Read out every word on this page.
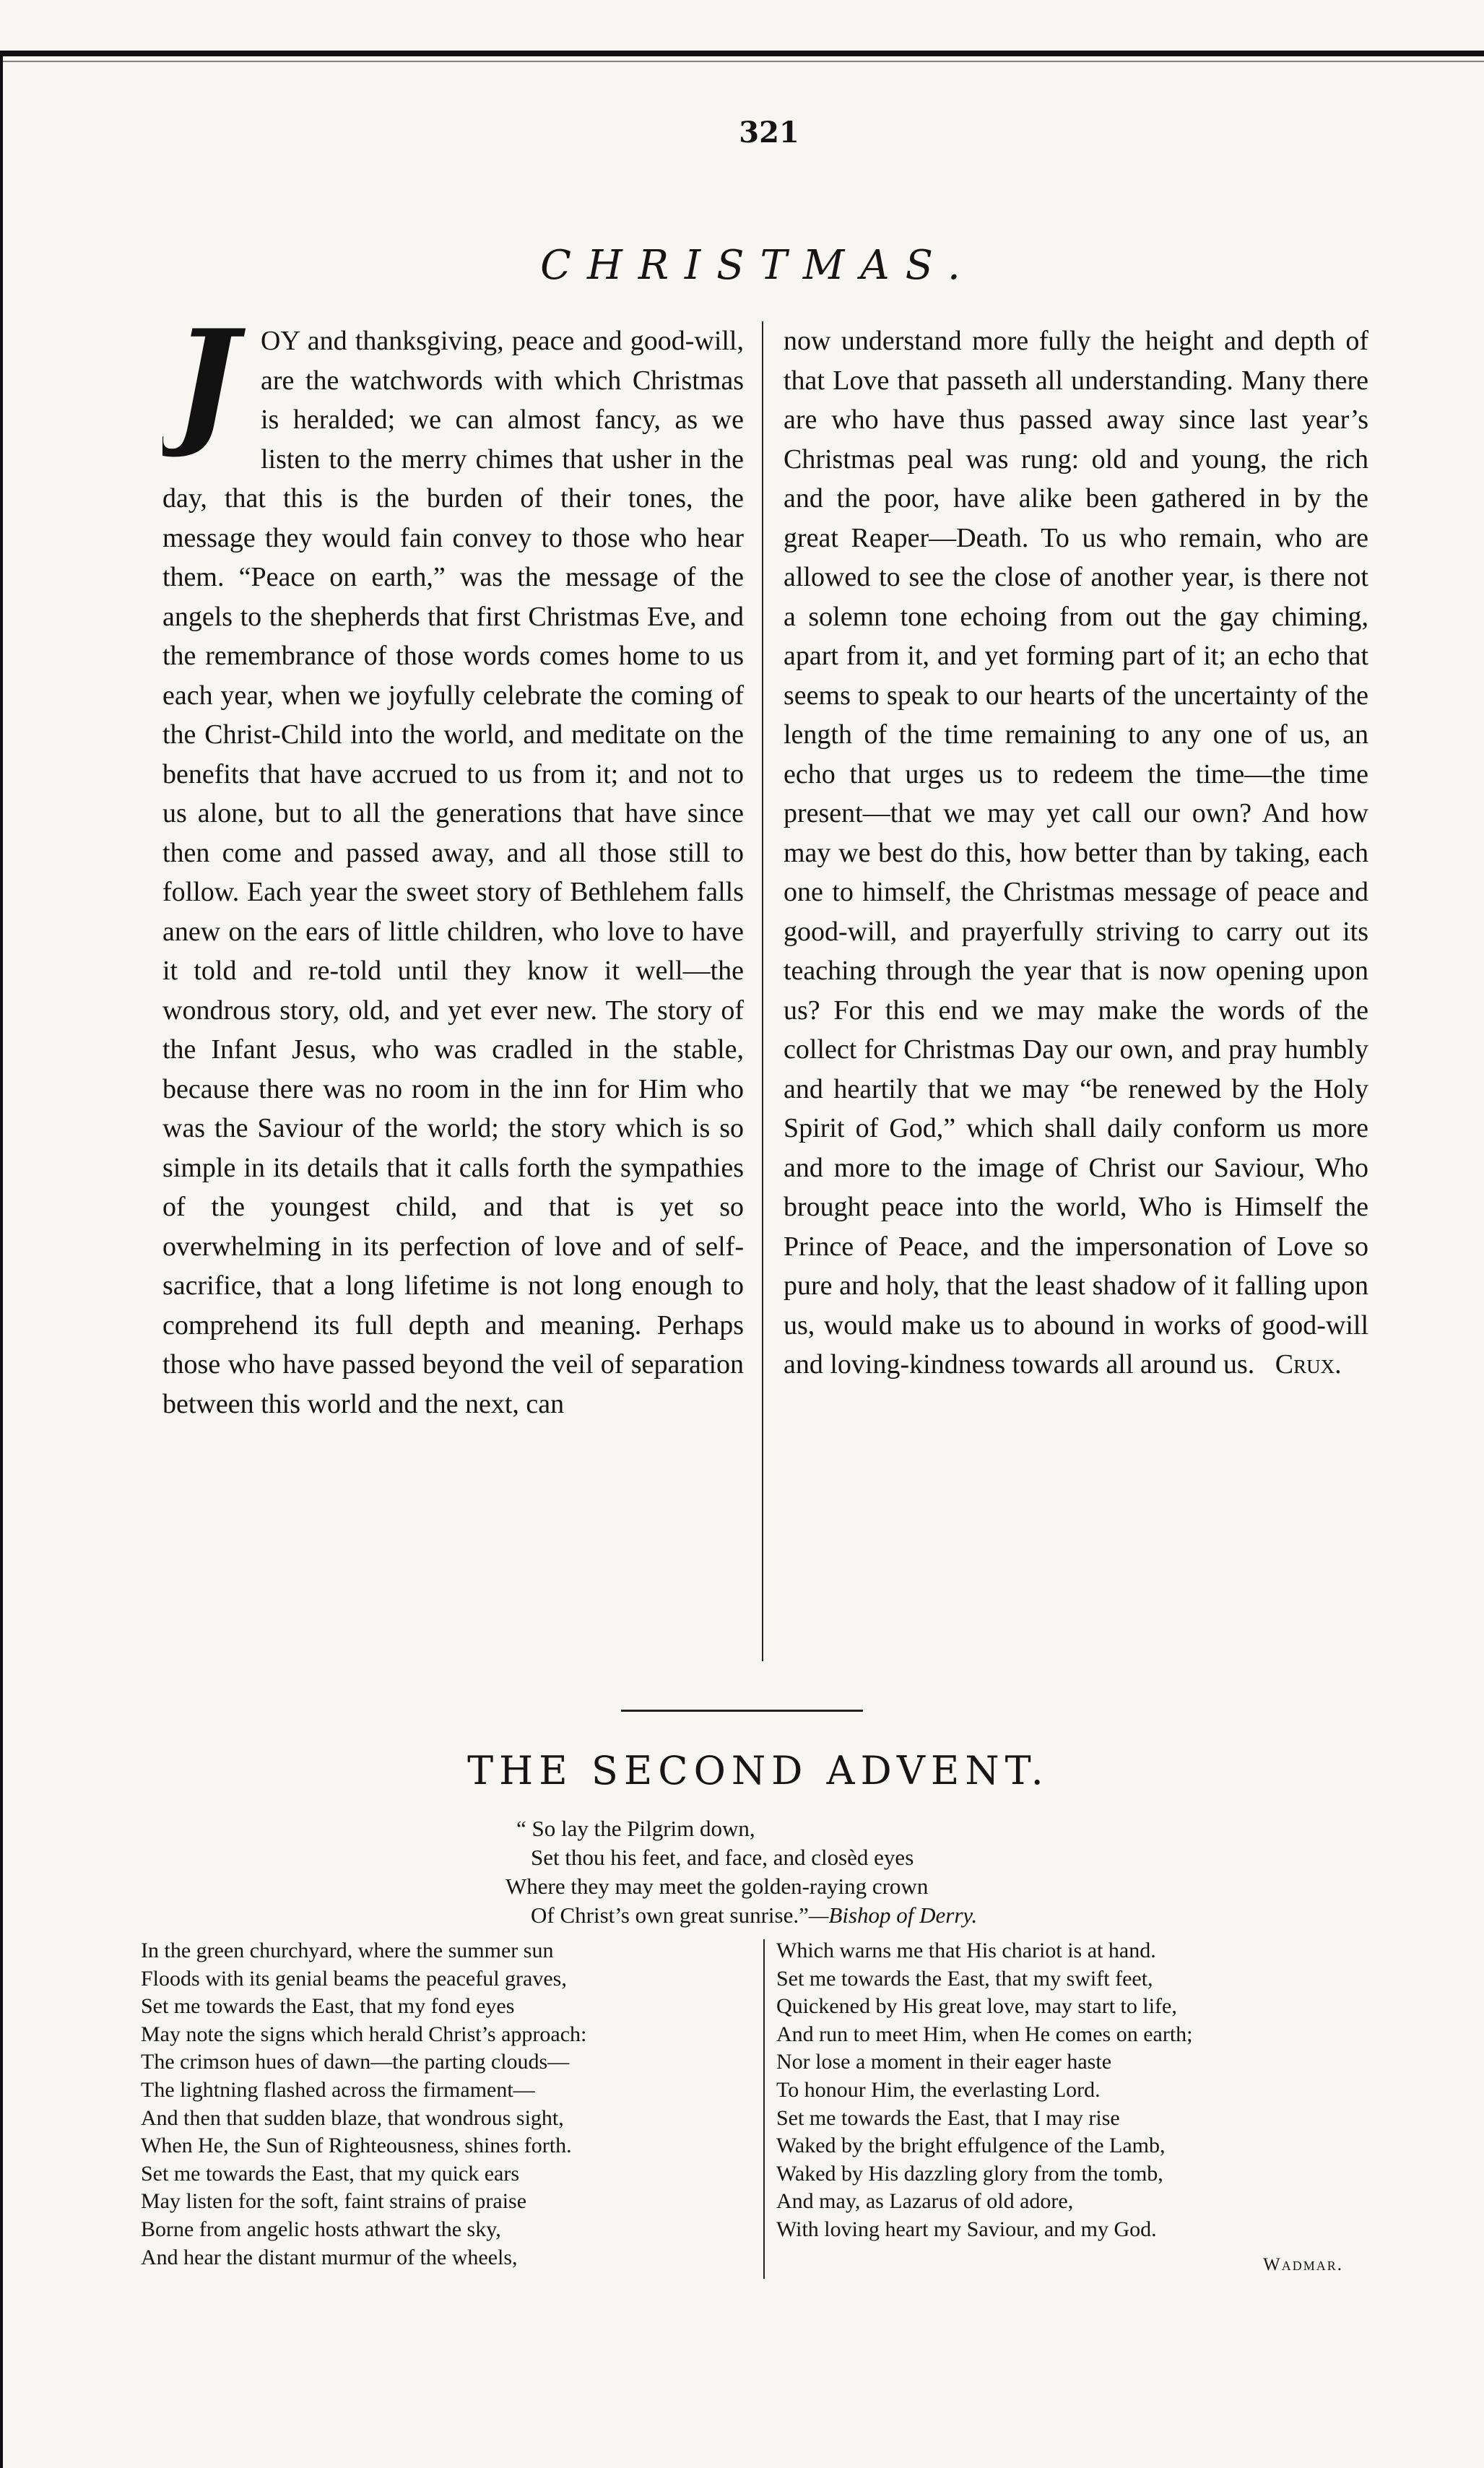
321
CHRISTMAS.
J OY and thanksgiving, peace and good-will, are the watchwords with which Christmas is heralded; we can almost fancy, as we listen to the merry chimes that usher in the day, that this is the burden of their tones, the message they would fain convey to those who hear them. “Peace on earth,” was the message of the angels to the shepherds that first Christmas Eve, and the remembrance of those words comes home to us each year, when we joyfully celebrate the coming of the Christ-Child into the world, and meditate on the benefits that have accrued to us from it; and not to us alone, but to all the generations that have since then come and passed away, and all those still to follow. Each year the sweet story of Bethlehem falls anew on the ears of little children, who love to have it told and re-told until they know it well—the wondrous story, old, and yet ever new. The story of the Infant Jesus, who was cradled in the stable, because there was no room in the inn for Him who was the Saviour of the world; the story which is so simple in its details that it calls forth the sympathies of the youngest child, and that is yet so overwhelming in its perfection of love and of self-sacrifice, that a long lifetime is not long enough to comprehend its full depth and meaning. Perhaps those who have passed beyond the veil of separation between this world and the next, can

now understand more fully the height and depth of that Love that passeth all understanding. Many there are who have thus passed away since last year’s Christmas peal was rung: old and young, the rich and the poor, have alike been gathered in by the great Reaper—Death. To us who remain, who are allowed to see the close of another year, is there not a solemn tone echoing from out the gay chiming, apart from it, and yet forming part of it; an echo that seems to speak to our hearts of the uncertainty of the length of the time remaining to any one of us, an echo that urges us to redeem the time—the time present—that we may yet call our own? And how may we best do this, how better than by taking, each one to himself, the Christmas message of peace and good-will, and prayerfully striving to carry out its teaching through the year that is now opening upon us? For this end we may make the words of the collect for Christmas Day our own, and pray humbly and heartily that we may “be renewed by the Holy Spirit of God,” which shall daily conform us more and more to the image of Christ our Saviour, Who brought peace into the world, Who is Himself the Prince of Peace, and the impersonation of Love so pure and holy, that the least shadow of it falling upon us, would make us to abound in works of good-will and loving-kindness towards all around us. Crux.

THE SECOND ADVENT.
“ So lay the Pilgrim down,
Set thou his feet, and face, and closèd eyes
Where they may meet the golden-raying crown
Of Christ’s own great sunrise.”—Bishop of Derry.
In the green churchyard, where the summer sun
Floods with its genial beams the peaceful graves,
Set me towards the East, that my fond eyes
May note the signs which herald Christ’s approach:
The crimson hues of dawn—the parting clouds—
The lightning flashed across the firmament—
And then that sudden blaze, that wondrous sight,
When He, the Sun of Righteousness, shines forth.
Set me towards the East, that my quick ears
May listen for the soft, faint strains of praise
Borne from angelic hosts athwart the sky,
And hear the distant murmur of the wheels,
Which warns me that His chariot is at hand.
Set me towards the East, that my swift feet,
Quickened by His great love, may start to life,
And run to meet Him, when He comes on earth;
Nor lose a moment in their eager haste
To honour Him, the everlasting Lord.
Set me towards the East, that I may rise
Waked by the bright effulgence of the Lamb,
Waked by His dazzling glory from the tomb,
And may, as Lazarus of old adore,
With loving heart my Saviour, and my God.
Wadmar.
